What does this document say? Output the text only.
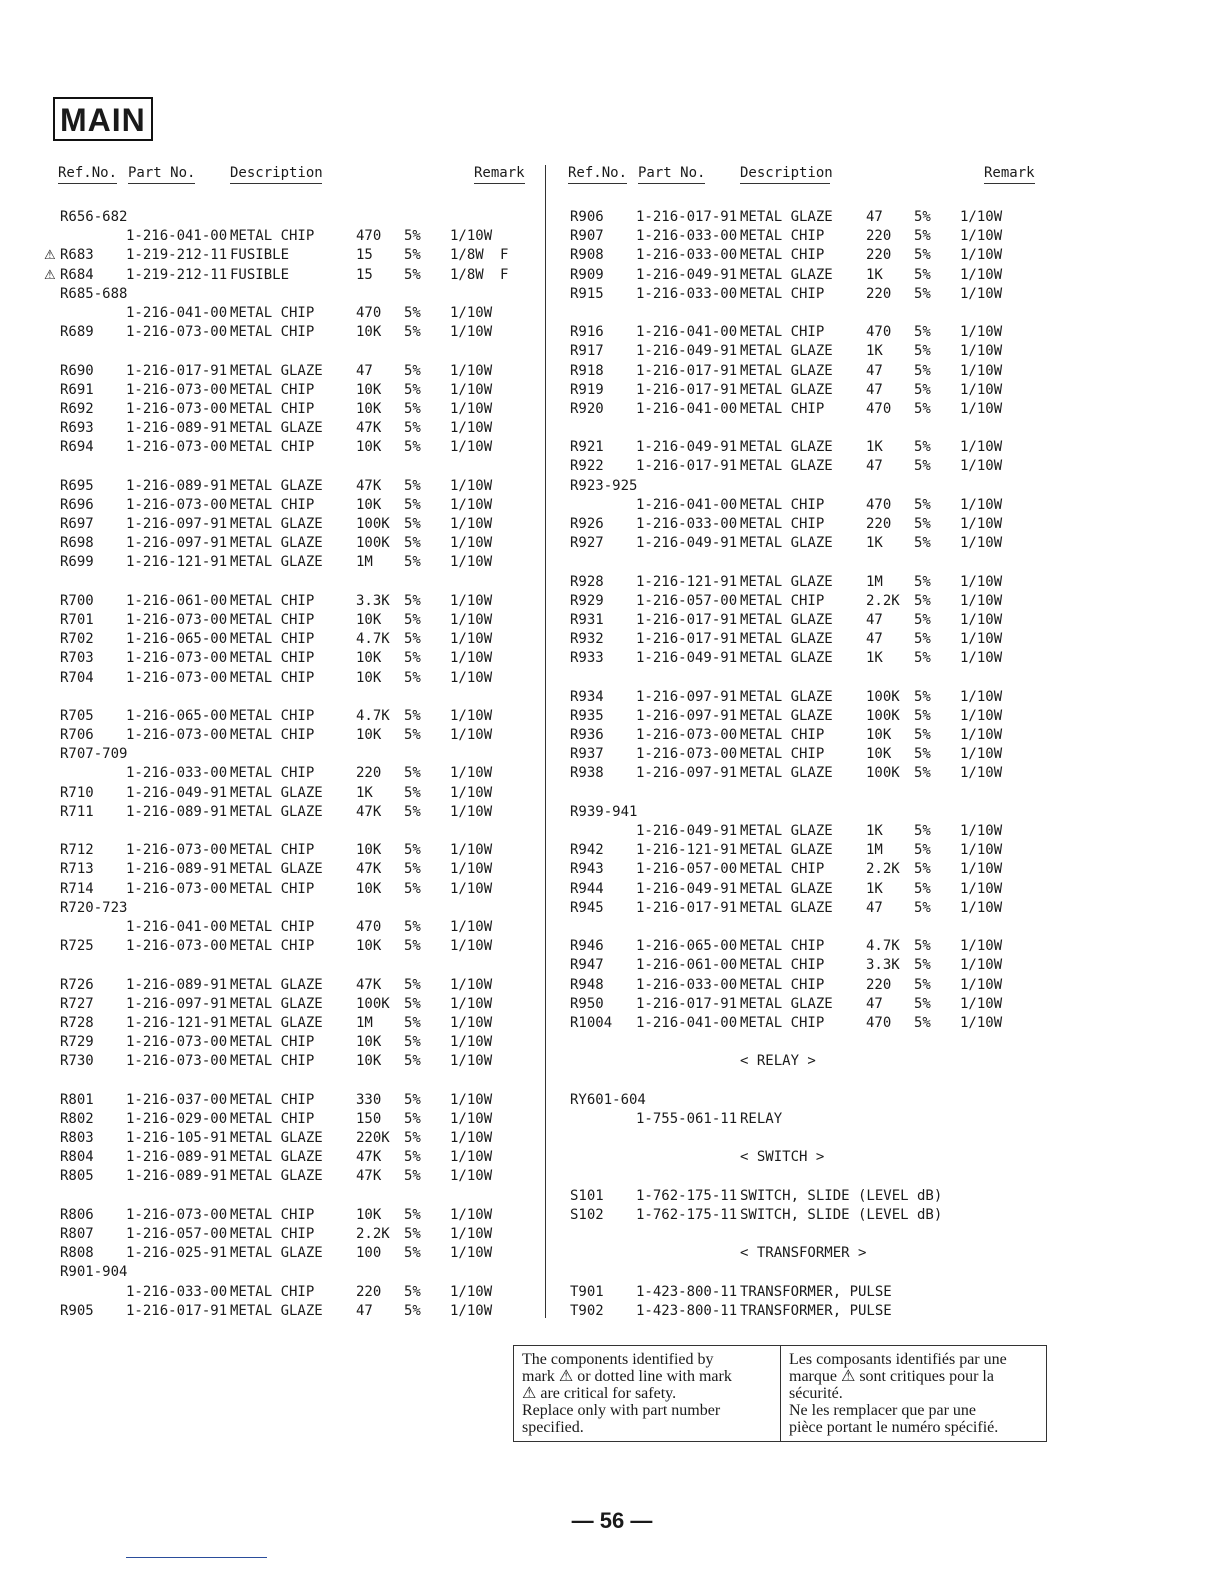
MAIN
Ref.No. Part No. Description	Remark
R656-682
1-216-041-00 METAL CHIP	470 5% 1/10W
⚠ R683 1-219-212-11 FUSIBLE	15 5% 1/8W F
⚠ R684 1-219-212-11 FUSIBLE	15 5% 1/8W F
R685-688
1-216-041-00 METAL CHIP	470 5% 1/10W
R689 1-216-073-00 METAL CHIP	10K 5% 1/10W
R690 1-216-017-91 METAL GLAZE 47 5% 1/10W
R691 1-216-073-00 METAL CHIP	10K 5% 1/10W
R692 1-216-073-00 METAL CHIP	10K 5% 1/10W
R693 1-216-089-91 METAL GLAZE 47K 5% 1/10W
R694 1-216-073-00 METAL CHIP	10K 5% 1/10W
R695 1-216-089-91 METAL GLAZE 47K 5% 1/10W
R696 1-216-073-00 METAL CHIP	10K 5% 1/10W
R697 1-216-097-91 METAL GLAZE 100K 5% 1/10W
R698 1-216-097-91 METAL GLAZE 100K 5% 1/10W
R699 1-216-121-91 METAL GLAZE 1M 5% 1/10W
R700 1-216-061-00 METAL CHIP	3.3K 5% 1/10W
R701 1-216-073-00 METAL CHIP	10K 5% 1/10W
R702 1-216-065-00 METAL CHIP	4.7K 5% 1/10W
R703 1-216-073-00 METAL CHIP	10K 5% 1/10W
R704 1-216-073-00 METAL CHIP	10K 5% 1/10W
R705 1-216-065-00 METAL CHIP	4.7K 5% 1/10W
R706 1-216-073-00 METAL CHIP	10K 5% 1/10W
R707-709
1-216-033-00 METAL CHIP	220 5% 1/10W
R710 1-216-049-91 METAL GLAZE 1K 5% 1/10W
R711 1-216-089-91 METAL GLAZE 47K 5% 1/10W
R712 1-216-073-00 METAL CHIP	10K 5% 1/10W
R713 1-216-089-91 METAL GLAZE 47K 5% 1/10W
R714 1-216-073-00 METAL CHIP	10K 5% 1/10W
R720-723
1-216-041-00 METAL CHIP	470 5% 1/10W
R725 1-216-073-00 METAL CHIP	10K 5% 1/10W
R726 1-216-089-91 METAL GLAZE 47K 5% 1/10W
R727 1-216-097-91 METAL GLAZE 100K 5% 1/10W
R728 1-216-121-91 METAL GLAZE 1M 5% 1/10W
R729 1-216-073-00 METAL CHIP	10K 5% 1/10W
R730 1-216-073-00 METAL CHIP	10K 5% 1/10W
R801 1-216-037-00 METAL CHIP	330 5% 1/10W
R802 1-216-029-00 METAL CHIP	150 5% 1/10W
R803 1-216-105-91 METAL GLAZE 220K 5% 1/10W
R804 1-216-089-91 METAL GLAZE 47K 5% 1/10W
R805 1-216-089-91 METAL GLAZE 47K 5% 1/10W
R806 1-216-073-00 METAL CHIP	10K 5% 1/10W
R807 1-216-057-00 METAL CHIP	2.2K 5% 1/10W
R808 1-216-025-91 METAL GLAZE 100 5% 1/10W
R901-904
1-216-033-00 METAL CHIP	220 5% 1/10W
R905 1-216-017-91 METAL GLAZE 47 5% 1/10W
Ref.No. Part No. Description	Remark
R906 1-216-017-91 METAL GLAZE 47 5% 1/10W
R907 1-216-033-00 METAL CHIP	220 5% 1/10W
R908 1-216-033-00 METAL CHIP	220 5% 1/10W
R909 1-216-049-91 METAL GLAZE 1K 5% 1/10W
R915 1-216-033-00 METAL CHIP	220 5% 1/10W
R916 1-216-041-00 METAL CHIP	470 5% 1/10W
R917 1-216-049-91 METAL GLAZE 1K 5% 1/10W
R918 1-216-017-91 METAL GLAZE 47 5% 1/10W
R919 1-216-017-91 METAL GLAZE 47 5% 1/10W
R920 1-216-041-00 METAL CHIP	470 5% 1/10W
R921 1-216-049-91 METAL GLAZE 1K 5% 1/10W
R922 1-216-017-91 METAL GLAZE 47 5% 1/10W
R923-925
1-216-041-00 METAL CHIP	470 5% 1/10W
R926 1-216-033-00 METAL CHIP	220 5% 1/10W
R927 1-216-049-91 METAL GLAZE 1K 5% 1/10W
R928 1-216-121-91 METAL GLAZE 1M 5% 1/10W
R929 1-216-057-00 METAL CHIP	2.2K 5% 1/10W
R931 1-216-017-91 METAL GLAZE 47 5% 1/10W
R932 1-216-017-91 METAL GLAZE 47 5% 1/10W
R933 1-216-049-91 METAL GLAZE 1K 5% 1/10W
R934 1-216-097-91 METAL GLAZE 100K 5% 1/10W
R935 1-216-097-91 METAL GLAZE 100K 5% 1/10W
R936 1-216-073-00 METAL CHIP	10K 5% 1/10W
R937 1-216-073-00 METAL CHIP	10K 5% 1/10W
R938 1-216-097-91 METAL GLAZE 100K 5% 1/10W
R939-941
1-216-049-91 METAL GLAZE 1K 5% 1/10W
R942 1-216-121-91 METAL GLAZE 1M 5% 1/10W
R943 1-216-057-00 METAL CHIP	2.2K 5% 1/10W
R944 1-216-049-91 METAL GLAZE 1K 5% 1/10W
R945 1-216-017-91 METAL GLAZE 47 5% 1/10W
R946 1-216-065-00 METAL CHIP	4.7K 5% 1/10W
R947 1-216-061-00 METAL CHIP	3.3K 5% 1/10W
R948 1-216-033-00 METAL CHIP	220 5% 1/10W
R950 1-216-017-91 METAL GLAZE 47 5% 1/10W
R1004 1-216-041-00 METAL CHIP	470 5% 1/10W
< RELAY >
RY601-604
1-755-061-11 RELAY
< SWITCH >
S101 1-762-175-11 SWITCH, SLIDE (LEVEL dB)
S102 1-762-175-11 SWITCH, SLIDE (LEVEL dB)
< TRANSFORMER >
T901 1-423-800-11 TRANSFORMER, PULSE
T902 1-423-800-11 TRANSFORMER, PULSE
The components identified by
mark ⚠ or dotted line with mark
⚠ are critical for safety.
Replace only with part number
specified.
Les composants identifiés par une
marque ⚠ sont critiques pour la
sécurité.
Ne les remplacer que par une
pièce portant le numéro spécifié.
— 56 —
